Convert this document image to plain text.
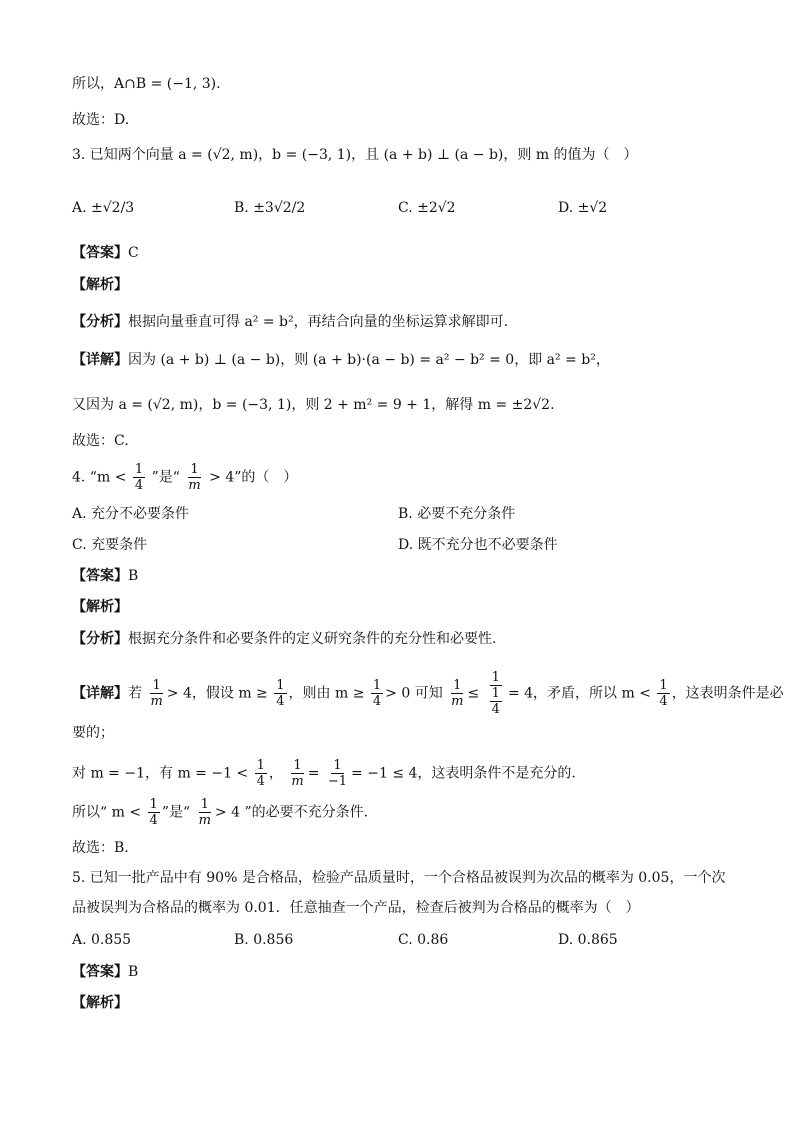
所以，A∩B = (−1, 3).
故选：D.
3. 已知两个向量 a = (√2, m)，b = (−3, 1)，且 (a + b) ⊥ (a − b)，则 m 的值为（　）
A. ±√2/3	B. ±3√2/2	C. ±2√2	D. ±√2
【答案】C
【解析】
【分析】根据向量垂直可得 a² = b²，再结合向量的坐标运算求解即可.
【详解】因为 (a + b) ⊥ (a − b)，则 (a + b)·(a − b) = a² − b² = 0，即 a² = b²，
又因为 a = (√2, m)，b = (−3, 1)，则 2 + m² = 9 + 1，解得 m = ±2√2.
故选：C.
4. “$m < \frac{1}{4}$ ”是“ $\frac{1}{m} > 4$”的（　）
A. 充分不必要条件	B. 必要不充分条件
C. 充要条件	D. 既不充分也不必要条件
【答案】B
【解析】
【分析】根据充分条件和必要条件的定义研究条件的充分性和必要性.
【详解】若 $\frac{1}{m} > 4$，假设 $m \ge \frac{1}{4}$ ，则由 $m \ge \frac{1}{4} > 0$ 可知 $\frac{1}{m} \le \frac{1}{\frac{1}{4}} = 4$，矛盾，所以 $m < \frac{1}{4}$ ，这表明条件是必
要的；
对 m = −1，有 $m = -1 < \frac{1}{4}$ ， $\frac{1}{m} = \frac{1}{-1} = -1 \le 4$，这表明条件不是充分的.
所以“ $m < \frac{1}{4}$ ”是“ $\frac{1}{m} > 4$ ”的必要不充分条件.
故选：B.
5. 已知一批产品中有 90% 是合格品，检验产品质量时，一个合格品被误判为次品的概率为 0.05，一个次
品被误判为合格品的概率为 0.01．任意抽查一个产品，检查后被判为合格品的概率为（　）
A. 0.855	B. 0.856	C. 0.86	D. 0.865
【答案】B
【解析】
